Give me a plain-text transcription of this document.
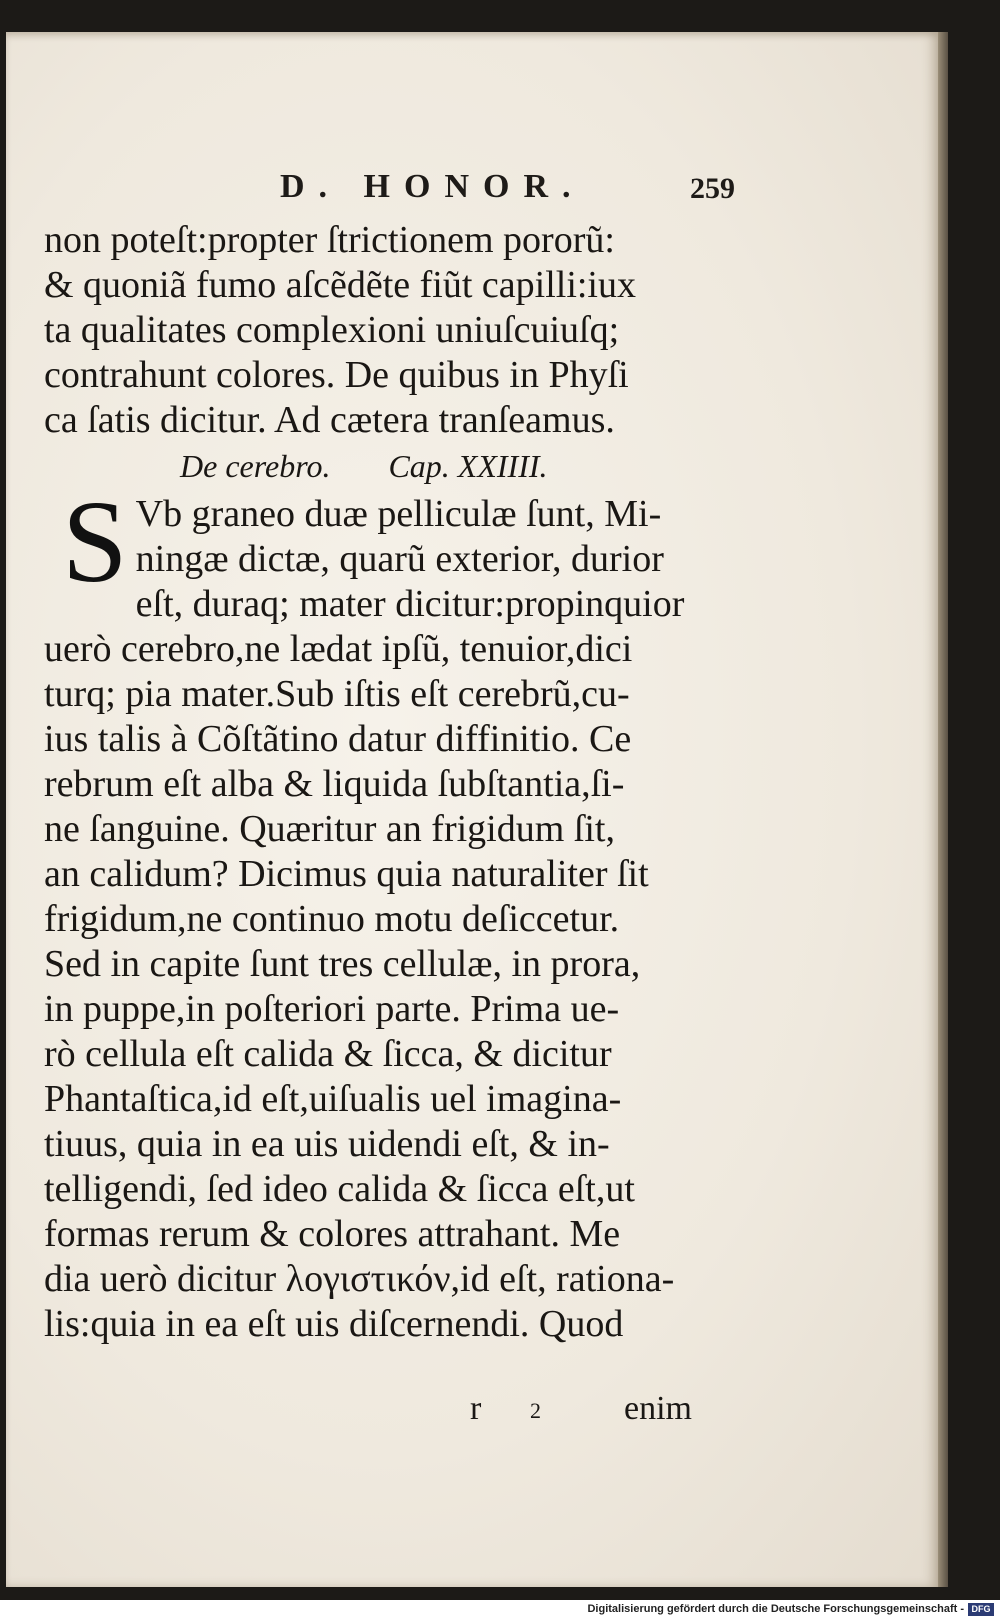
D. HONOR.	259
non poteſt:propter ſtrictionem pororũ:
& quoniã fumo aſcẽdẽte fiũt capilli:iux
ta qualitates complexioni uniuſcuiuſq;
contrahunt colores. De quibus in Phyſi
ca ſatis dicitur. Ad cætera tranſeamus.
De cerebro. Cap. XXIIII.
S Vb graneo duæ pelliculæ ſunt, Mi-
ningæ dictæ, quarũ exterior, durior
eſt, duraq; mater dicitur:propinquior
uerò cerebro,ne lædat ipſũ, tenuior,dici
turq; pia mater.Sub iſtis eſt cerebrũ,cu-
ius talis à Cõſtãtino datur diffinitio. Ce
rebrum eſt alba & liquida ſubſtantia,ſi-
ne ſanguine. Quæritur an frigidum ſit,
an calidum? Dicimus quia naturaliter ſit
frigidum,ne continuo motu deſiccetur.
Sed in capite ſunt tres cellulæ, in prora,
in puppe,in poſteriori parte. Prima ue-
rò cellula eſt calida & ſicca, & dicitur
Phantaſtica,id eſt,uiſualis uel imagina-
tiuus, quia in ea uis uidendi eſt, & in-
telligendi, ſed ideo calida & ſicca eſt,ut
formas rerum & colores attrahant. Me
dia uerò dicitur λογιστικόν,id eſt, rationa-
lis:quia in ea eſt uis diſcernendi. Quod
r 2 enim
Digitalisierung gefördert durch die Deutsche Forschungsgemeinschaft - DFG
